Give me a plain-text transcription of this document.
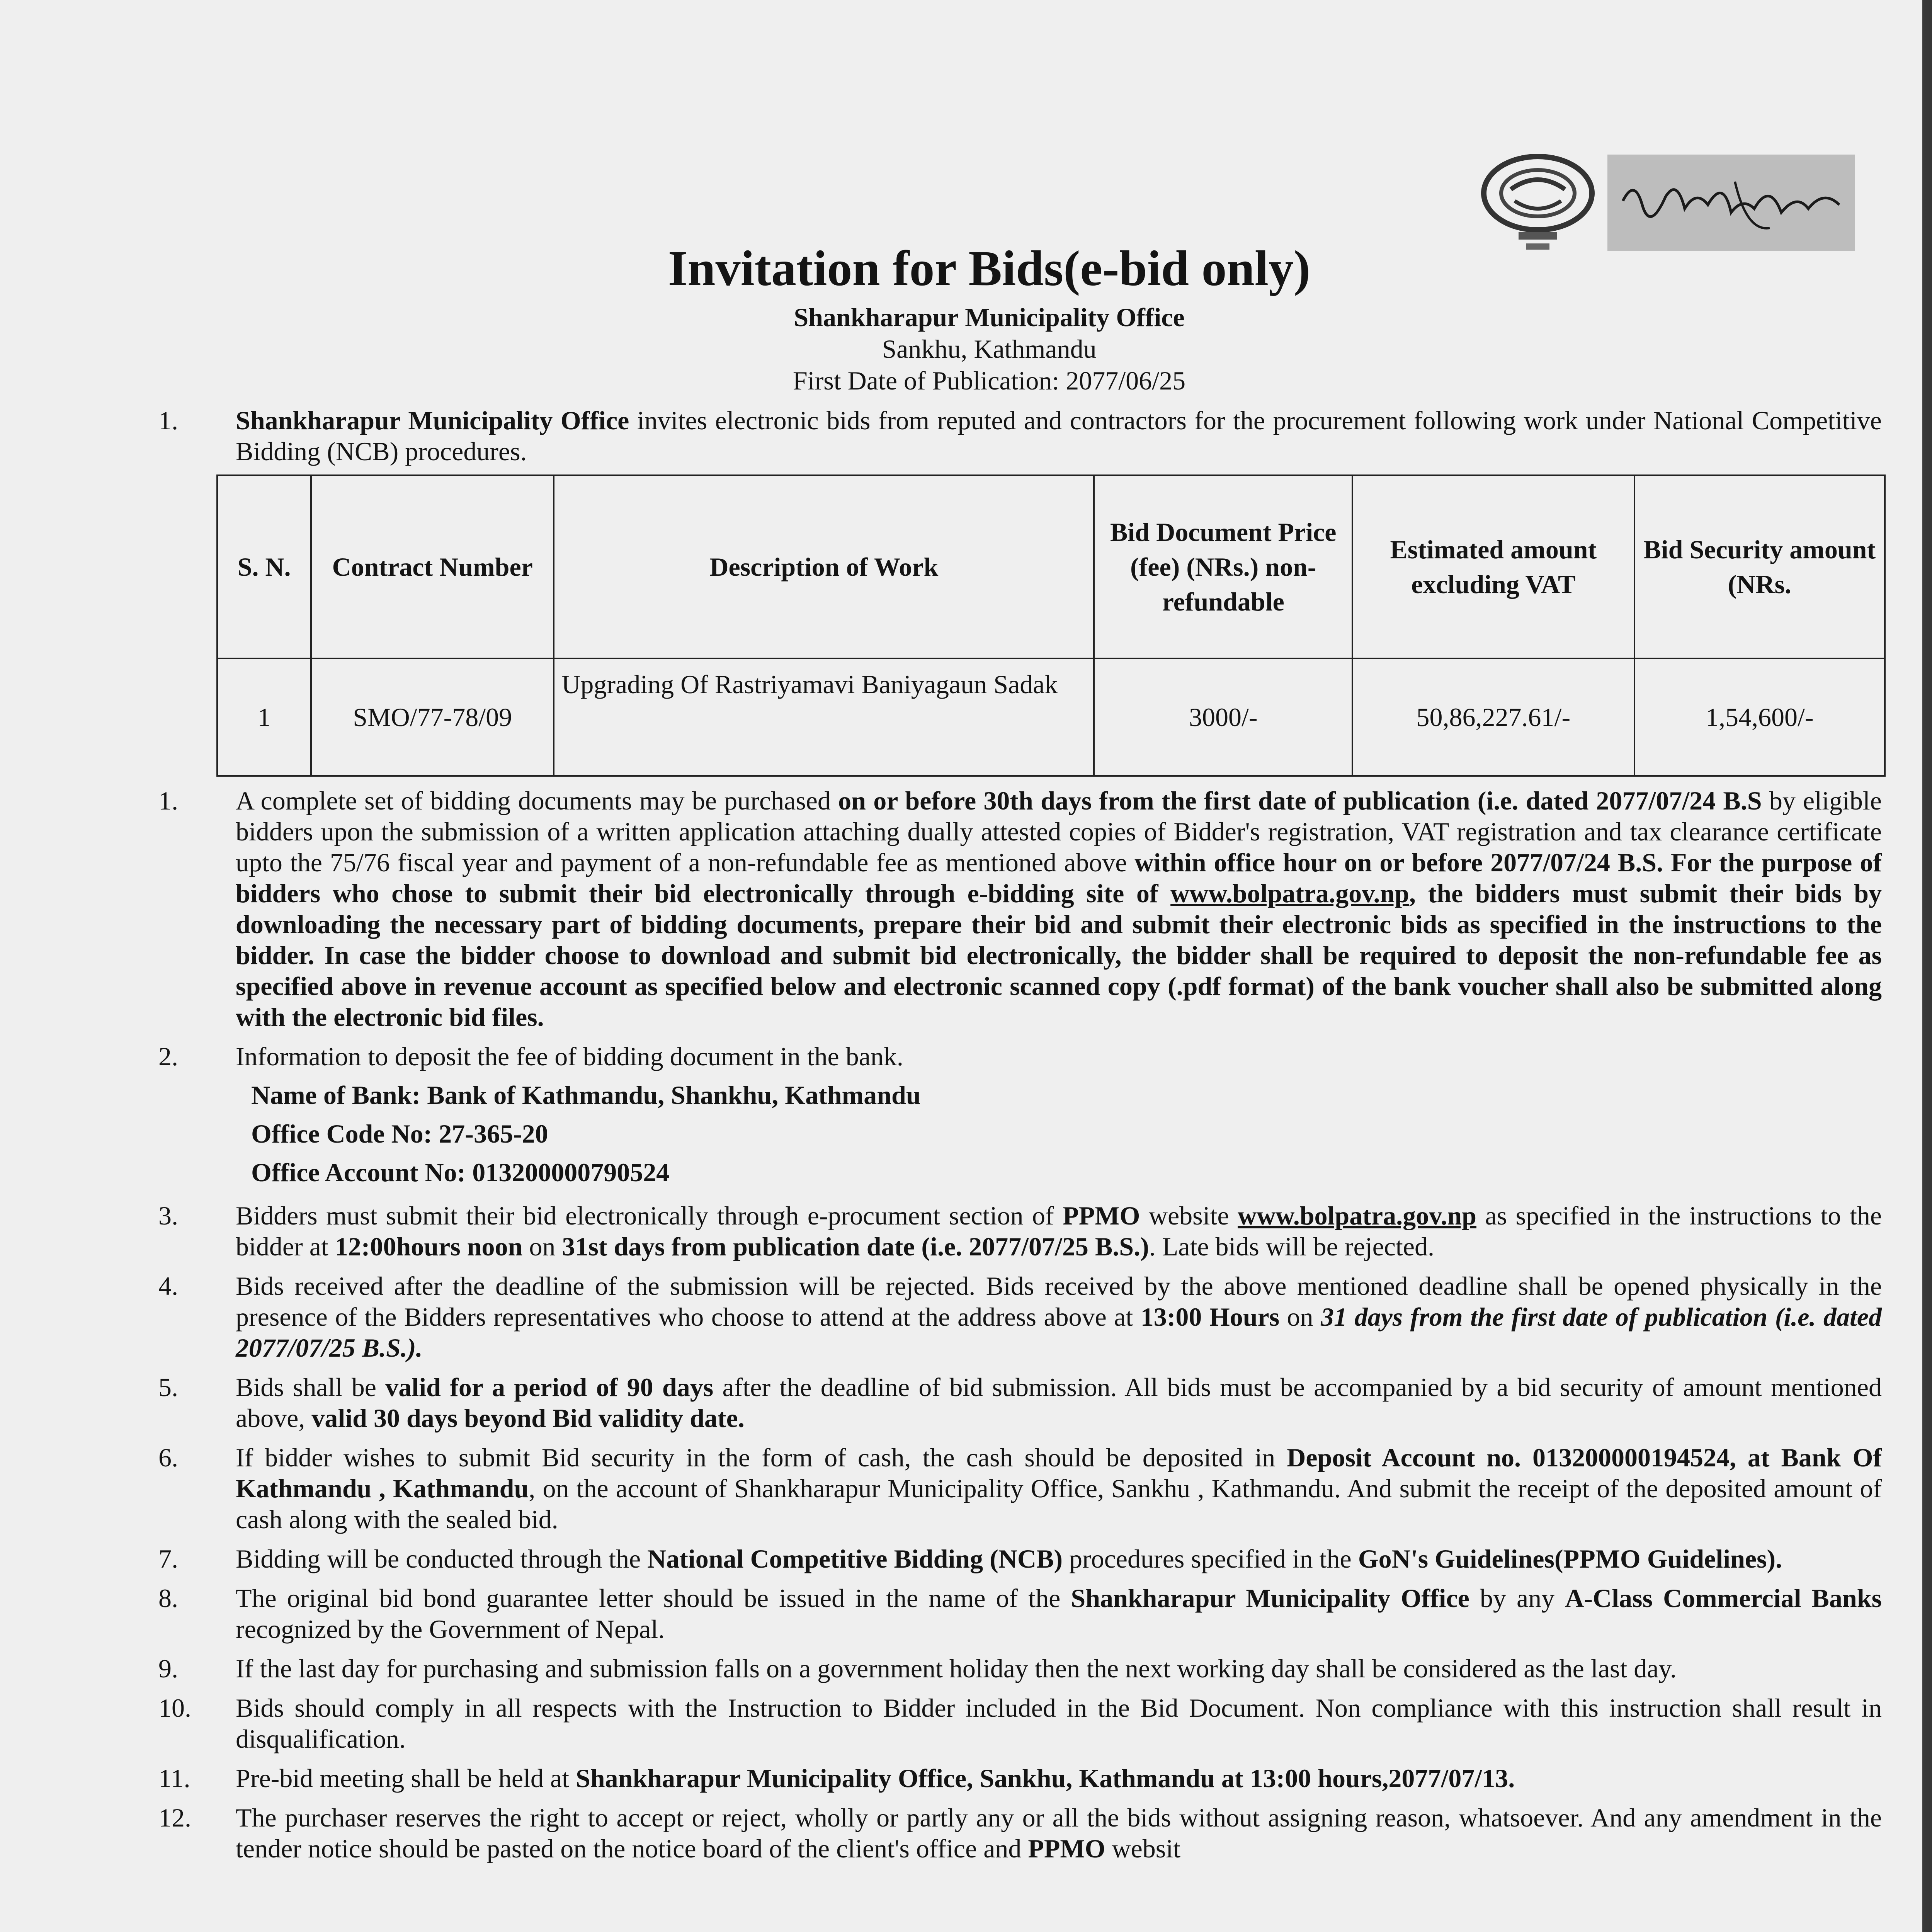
Invitation for Bids(e-bid only)
Shankharapur Municipality Office
Sankhu, Kathmandu
First Date of Publication: 2077/06/25
1.	Shankharapur Municipality Office invites electronic bids from reputed and contractors for the procurement following work under National Competitive Bidding (NCB) procedures.
S. N.	Contract Number	Description of Work	Bid Document Price (fee) (NRs.) non-refundable	Estimated amount excluding VAT	Bid Security amount (NRs.
1	SMO/77-78/09	Upgrading Of Rastriyamavi Baniyagaun Sadak	3000/-	50,86,227.61/-	1,54,600/-
1.	A complete set of bidding documents may be purchased on or before 30th days from the first date of publication (i.e. dated 2077/07/24 B.S by eligible bidders upon the submission of a written application attaching dually attested copies of Bidder's registration, VAT registration and tax clearance certificate upto the 75/76 fiscal year and payment of a non-refundable fee as mentioned above within office hour on or before 2077/07/24 B.S. For the purpose of bidders who chose to submit their bid electronically through e-bidding site of www.bolpatra.gov.np, the bidders must submit their bids by downloading the necessary part of bidding documents, prepare their bid and submit their electronic bids as specified in the instructions to the bidder. In case the bidder choose to download and submit bid electronically, the bidder shall be required to deposit the non-refundable fee as specified above in revenue account as specified below and electronic scanned copy (.pdf format) of the bank voucher shall also be submitted along with the electronic bid files.
2.	Information to deposit the fee of bidding document in the bank.
Name of Bank: Bank of Kathmandu, Shankhu, Kathmandu
Office Code No: 27-365-20
Office Account No: 013200000790524
3.	Bidders must submit their bid electronically through e-procument section of PPMO website www.bolpatra.gov.np as specified in the instructions to the bidder at 12:00hours noon on 31st days from publication date (i.e. 2077/07/25 B.S.). Late bids will be rejected.
4.	Bids received after the deadline of the submission will be rejected. Bids received by the above mentioned deadline shall be opened physically in the presence of the Bidders representatives who choose to attend at the address above at 13:00 Hours on 31 days from the first date of publication (i.e. dated 2077/07/25 B.S.).
5.	Bids shall be valid for a period of 90 days after the deadline of bid submission. All bids must be accompanied by a bid security of amount mentioned above, valid 30 days beyond Bid validity date.
6.	If bidder wishes to submit Bid security in the form of cash, the cash should be deposited in Deposit Account no. 013200000194524, at Bank Of Kathmandu , Kathmandu, on the account of Shankharapur Municipality Office, Sankhu , Kathmandu. And submit the receipt of the deposited amount of cash along with the sealed bid.
7.	Bidding will be conducted through the National Competitive Bidding (NCB) procedures specified in the GoN's Guidelines(PPMO Guidelines).
8.	The original bid bond guarantee letter should be issued in the name of the Shankharapur Municipality Office by any A-Class Commercial Banks recognized by the Government of Nepal.
9.	If the last day for purchasing and submission falls on a government holiday then the next working day shall be considered as the last day.
10.	Bids should comply in all respects with the Instruction to Bidder included in the Bid Document. Non compliance with this instruction shall result in disqualification.
11.	Pre-bid meeting shall be held at Shankharapur Municipality Office, Sankhu, Kathmandu at 13:00 hours,2077/07/13.
12.	The purchaser reserves the right to accept or reject, wholly or partly any or all the bids without assigning reason, whatsoever. And any amendment in the tender notice should be pasted on the notice board of the client's office and PPMO websit
